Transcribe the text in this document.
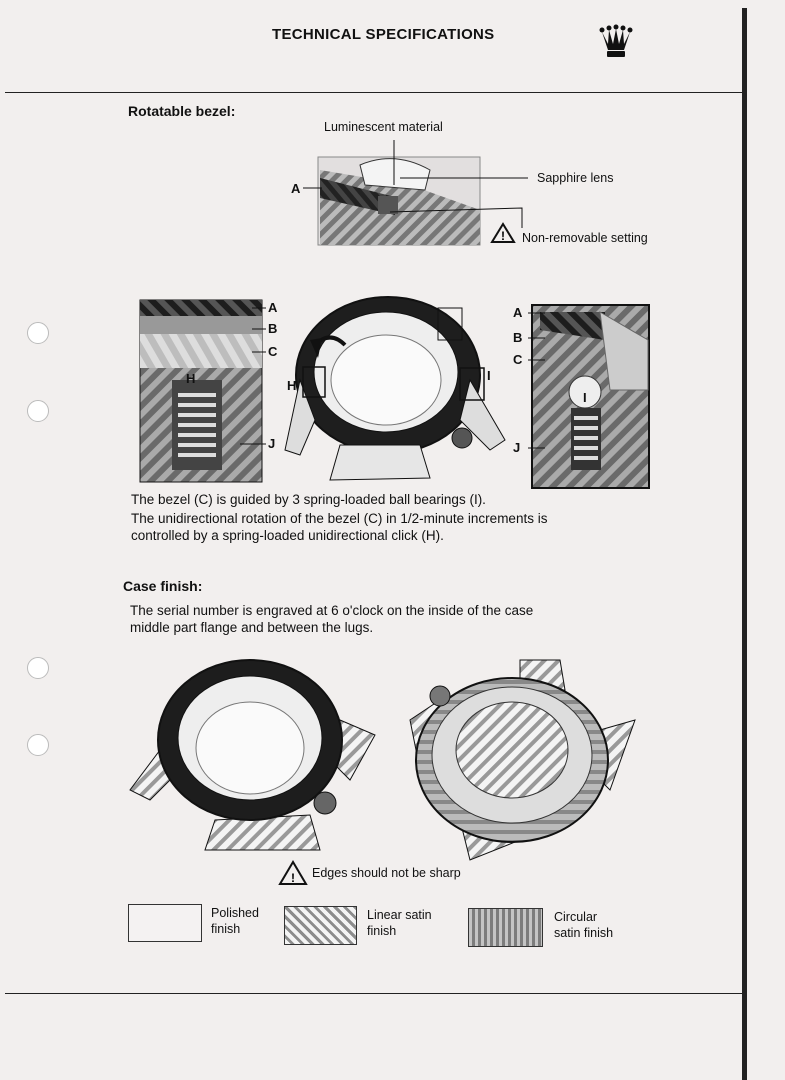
TECHNICAL SPECIFICATIONS

Rotatable bezel:

!

Luminescent material

Sapphire lens

Non-removable setting

A
A
B
C
H
J
H
I
A
B
C
I
J

The bezel (C) is guided by 3 spring-loaded ball bearings (I).

The unidirectional rotation of the bezel (C) in 1/2-minute increments is controlled by a spring-loaded unidirectional click (H).

Case finish:

The serial number is engraved at 6 o'clock on the inside of the case middle part flange and between the lugs.

! Edges should not be sharp

Polished finish

Linear satin finish

Circular satin finish
